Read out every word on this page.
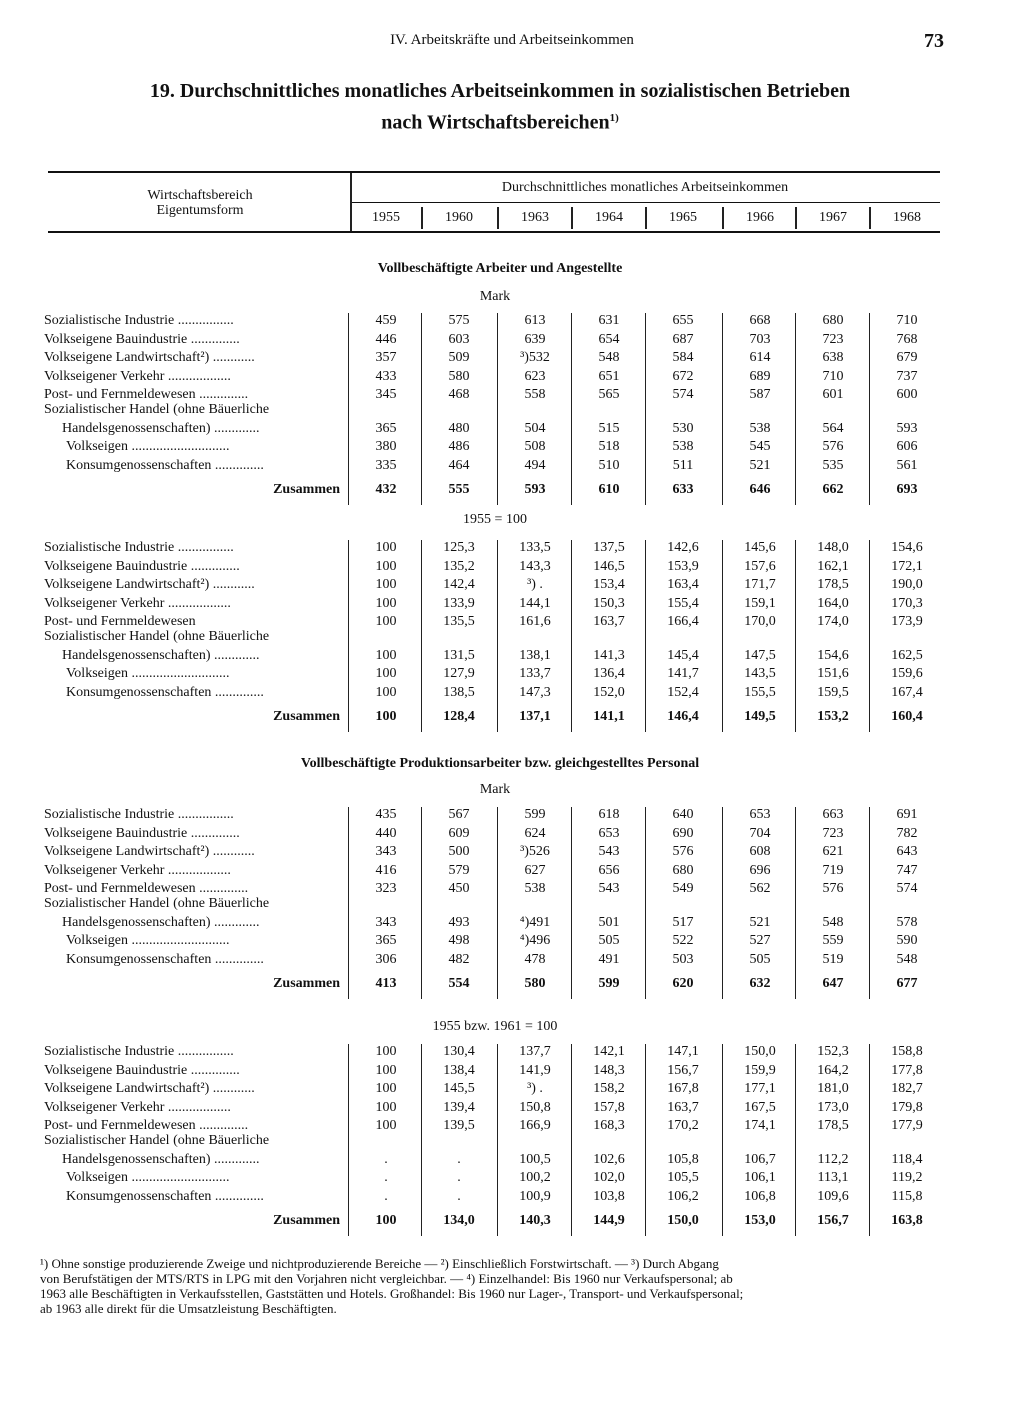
IV. Arbeitskräfte und Arbeitseinkommen	73
19. Durchschnittliches monatliches Arbeitseinkommen in sozialistischen Betrieben
nach Wirtschaftsbereichen$^{1)}$
Wirtschaftsbereich
Eigentumsform
Durchschnittliches monatliches Arbeitseinkommen
1955	1960	1963	1964	1965	1966	1967	1968
Vollbeschäftigte Arbeiter und Angestellte
Mark
Sozialistische Industrie ................	459	575	613	631	655	668	680	710
Volkseigene Bauindustrie ..............	446	603	639	654	687	703	723	768
Volkseigene Landwirtschaft²) ............	357	509	³)532	548	584	614	638	679
Volkseigener Verkehr ..................	433	580	623	651	672	689	710	737
Post- und Fernmeldewesen ..............	345	468	558	565	574	587	601	600
Sozialistischer Handel (ohne Bäuerliche
Handelsgenossenschaften) .............	365	480	504	515	530	538	564	593
Volkseigen ............................	380	486	508	518	538	545	576	606
Konsumgenossenschaften ..............	335	464	494	510	511	521	535	561
Zusammen	432	555	593	610	633	646	662	693
1955 = 100
Sozialistische Industrie ................	100	125,3	133,5	137,5	142,6	145,6	148,0	154,6
Volkseigene Bauindustrie ..............	100	135,2	143,3	146,5	153,9	157,6	162,1	172,1
Volkseigene Landwirtschaft²) ............	100	142,4	³) .	153,4	163,4	171,7	178,5	190,0
Volkseigener Verkehr ..................	100	133,9	144,1	150,3	155,4	159,1	164,0	170,3
Post- und Fernmeldewesen	100	135,5	161,6	163,7	166,4	170,0	174,0	173,9
Sozialistischer Handel (ohne Bäuerliche
Handelsgenossenschaften) .............	100	131,5	138,1	141,3	145,4	147,5	154,6	162,5
Volkseigen ............................	100	127,9	133,7	136,4	141,7	143,5	151,6	159,6
Konsumgenossenschaften ..............	100	138,5	147,3	152,0	152,4	155,5	159,5	167,4
Zusammen	100	128,4	137,1	141,1	146,4	149,5	153,2	160,4
Vollbeschäftigte Produktionsarbeiter bzw. gleichgestelltes Personal
Mark
Sozialistische Industrie ................	435	567	599	618	640	653	663	691
Volkseigene Bauindustrie ..............	440	609	624	653	690	704	723	782
Volkseigene Landwirtschaft²) ............	343	500	³)526	543	576	608	621	643
Volkseigener Verkehr ..................	416	579	627	656	680	696	719	747
Post- und Fernmeldewesen ..............	323	450	538	543	549	562	576	574
Sozialistischer Handel (ohne Bäuerliche
Handelsgenossenschaften) .............	343	493	⁴)491	501	517	521	548	578
Volkseigen ............................	365	498	⁴)496	505	522	527	559	590
Konsumgenossenschaften ..............	306	482	478	491	503	505	519	548
Zusammen	413	554	580	599	620	632	647	677
1955 bzw. 1961 = 100
Sozialistische Industrie ................	100	130,4	137,7	142,1	147,1	150,0	152,3	158,8
Volkseigene Bauindustrie ..............	100	138,4	141,9	148,3	156,7	159,9	164,2	177,8
Volkseigene Landwirtschaft²) ............	100	145,5	³) .	158,2	167,8	177,1	181,0	182,7
Volkseigener Verkehr ..................	100	139,4	150,8	157,8	163,7	167,5	173,0	179,8
Post- und Fernmeldewesen ..............	100	139,5	166,9	168,3	170,2	174,1	178,5	177,9
Sozialistischer Handel (ohne Bäuerliche
Handelsgenossenschaften) .............	.	.	100,5	102,6	105,8	106,7	112,2	118,4
Volkseigen ............................	.	.	100,2	102,0	105,5	106,1	113,1	119,2
Konsumgenossenschaften ..............	.	.	100,9	103,8	106,2	106,8	109,6	115,8
Zusammen	100	134,0	140,3	144,9	150,0	153,0	156,7	163,8
¹) Ohne sonstige produzierende Zweige und nichtproduzierende Bereiche — ²) Einschließlich Forstwirtschaft. — ³) Durch Abgang
von Berufstätigen der MTS/RTS in LPG mit den Vorjahren nicht vergleichbar. — ⁴) Einzelhandel: Bis 1960 nur Verkaufspersonal; ab
1963 alle Beschäftigten in Verkaufsstellen, Gaststätten und Hotels. Großhandel: Bis 1960 nur Lager-, Transport- und Verkaufspersonal;
ab 1963 alle direkt für die Umsatzleistung Beschäftigten.
